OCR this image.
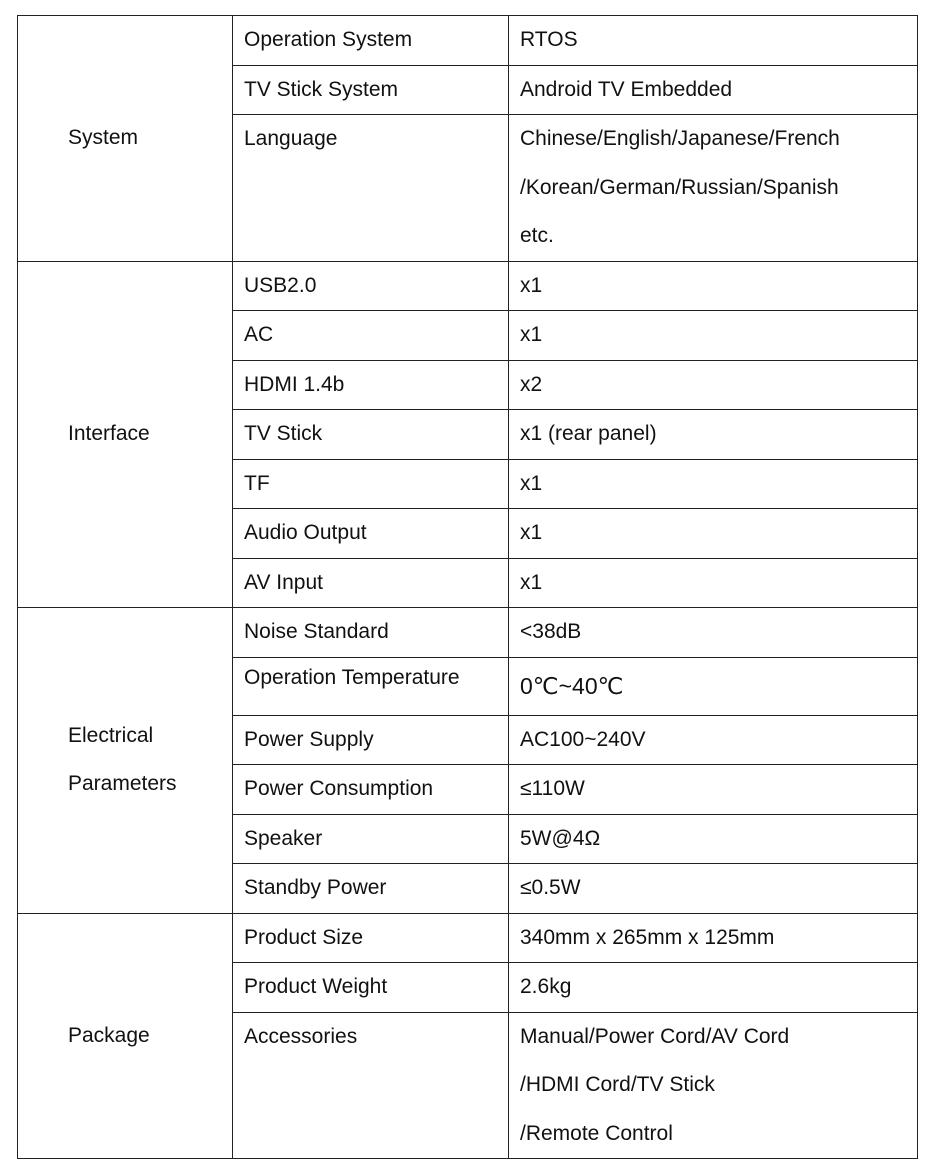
System	Operation System	RTOS
	TV Stick System	Android TV Embedded
	Language	Chinese/English/Japanese/French
/Korean/German/Russian/Spanish
etc.

Interface	USB2.0	x1
	AC	x1
	HDMI 1.4b	x2
	TV Stick	x1 (rear panel)
	TF	x1
	Audio Output	x1
	AV Input	x1

Electrical
Parameters	Noise Standard	<38dB
	Operation Temperature	0℃~40℃
	Power Supply	AC100~240V
	Power Consumption	≤110W
	Speaker	5W@4Ω
	Standby Power	≤0.5W
Package	Product Size	340mm x 265mm x 125mm
	Product Weight	2.6kg
	Accessories	Manual/Power Cord/AV Cord
/HDMI Cord/TV Stick
/Remote Control
